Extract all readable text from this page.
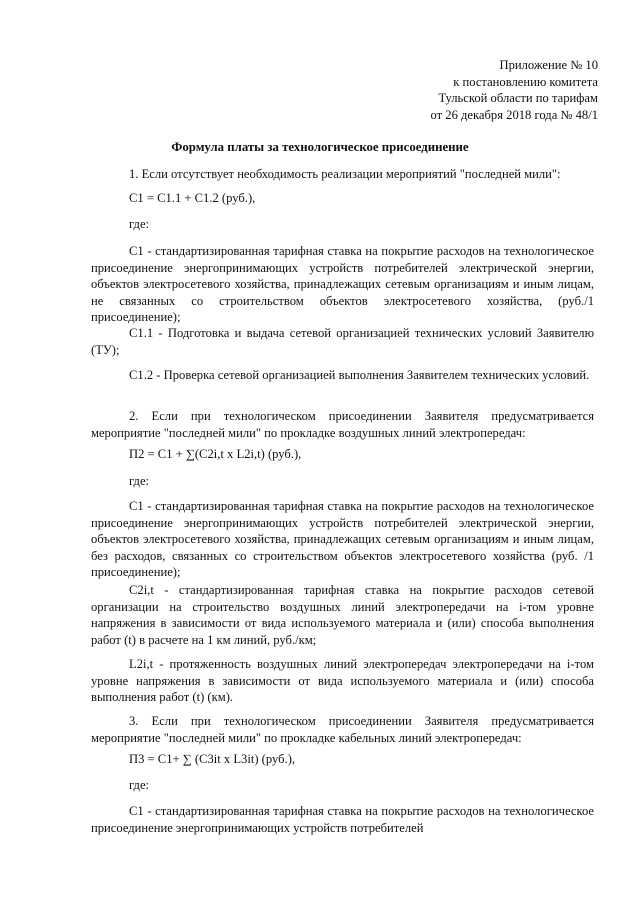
Приложение № 10
к постановлению комитета
Тульской области по тарифам
от 26 декабря 2018 года № 48/1
Формула платы за технологическое присоединение
1. Если отсутствует необходимость реализации мероприятий "последней мили":
С1 = С1.1 + С1.2 (руб.),
где:
С1 - стандартизированная тарифная ставка на покрытие расходов на технологическое присоединение энергопринимающих устройств потребителей электрической энергии, объектов электросетевого хозяйства, принадлежащих сетевым организациям и иным лицам, не связанных со строительством объектов электросетевого хозяйства, (руб./1 присоединение);
С1.1 - Подготовка и выдача сетевой организацией технических условий Заявителю (ТУ);
С1.2 - Проверка сетевой организацией выполнения Заявителем технических условий.
2. Если при технологическом присоединении Заявителя предусматривается мероприятие "последней мили" по прокладке воздушных линий электропередач:
П2 = С1 + ∑(С2i,t x L2i,t) (руб.),
где:
С1 - стандартизированная тарифная ставка на покрытие расходов на технологическое присоединение энергопринимающих устройств потребителей электрической энергии, объектов электросетевого хозяйства, принадлежащих сетевым организациям и иным лицам, без расходов, связанных со строительством объектов электросетевого хозяйства (руб. /1 присоединение);
С2i,t - стандартизированная тарифная ставка на покрытие расходов сетевой организации на строительство воздушных линий электропередачи на i-том уровне напряжения в зависимости от вида используемого материала и (или) способа выполнения работ (t) в расчете на 1 км линий, руб./км;
L2i,t - протяженность воздушных линий электропередач электропередачи на i-том уровне напряжения в зависимости от вида используемого материала и (или) способа выполнения работ (t) (км).
3. Если при технологическом присоединении Заявителя предусматривается мероприятие "последней мили" по прокладке кабельных линий электропередач:
П3 = С1+ ∑ (С3it x L3it) (руб.),
где:
С1 - стандартизированная тарифная ставка на покрытие расходов на технологическое присоединение энергопринимающих устройств потребителей
